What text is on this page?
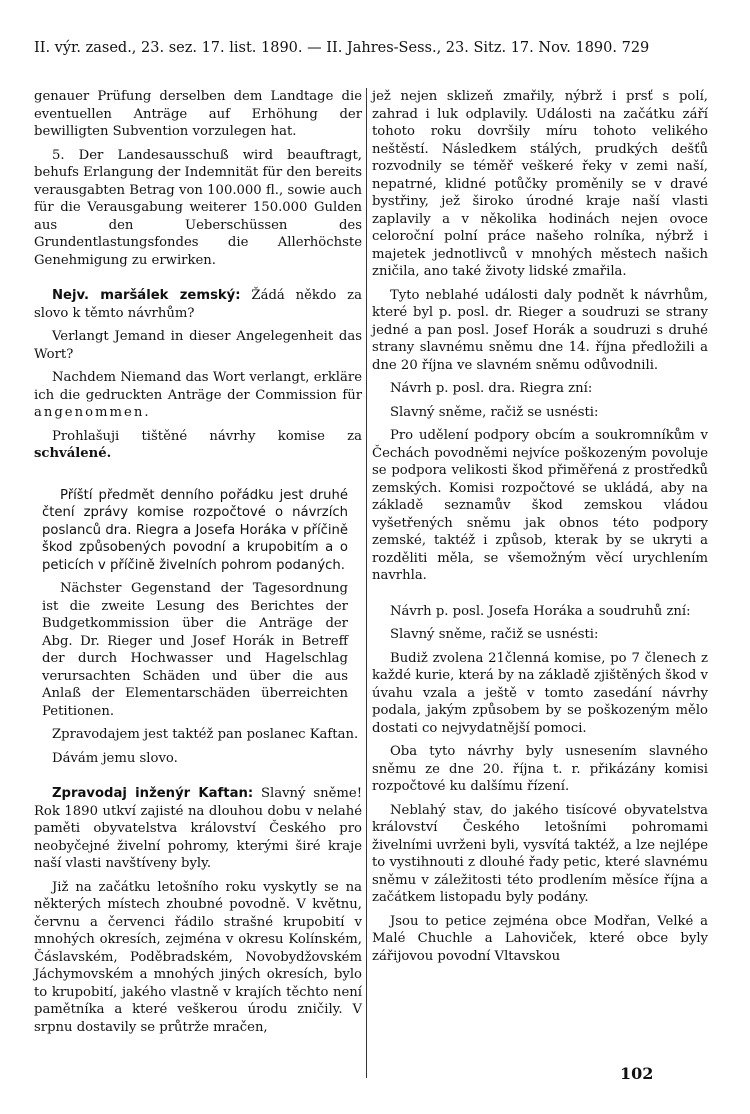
II. výr. zased., 23. sez. 17. list. 1890. — II. Jahres-Sess., 23. Sitz. 17. Nov. 1890. 729

genauer Prüfung derselben dem Landtage die eventuellen Anträge auf Erhöhung der bewilligten Subvention vorzulegen hat.

5. Der Landesausschuß wird beauftragt, behufs Erlangung der Indemnität für den bereits verausgabten Betrag von 100.000 fl., sowie auch für die Verausgabung weiterer 150.000 Gulden aus den Ueberschüssen des Grundentlastungsfondes die Allerhöchste Genehmigung zu erwirken.

Nejv. maršálek zemský: Žádá někdo za slovo k těmto návrhům?

Verlangt Jemand in dieser Angelegenheit das Wort?

Nachdem Niemand das Wort verlangt, erkläre ich die gedruckten Anträge der Commission für angenommen.

Prohlašuji tištěné návrhy komise za schválené.

Příští předmět denního pořádku jest druhé čtení zprávy komise rozpočtové o návrzích poslanců dra. Riegra a Josefa Horáka v příčině škod způsobených povodní a krupobitím a o peticích v příčině živelních pohrom podaných.

Nächster Gegenstand der Tagesordnung ist die zweite Lesung des Berichtes der Budgetkommission über die Anträge der Abg. Dr. Rieger und Josef Horák in Betreff der durch Hochwasser und Hagelschlag verursachten Schäden und über die aus Anlaß der Elementarschäden überreichten Petitionen.

Zpravodajem jest taktéž pan poslanec Kaftan.

Dávám jemu slovo.

Zpravodaj inženýr Kaftan: Slavný sněme! Rok 1890 utkví zajisté na dlouhou dobu v nelahé paměti obyvatelstva království Českého pro neobyčejné živelní pohromy, kterými širé kraje naší vlasti navštíveny byly.

Již na začátku letošního roku vyskytly se na některých místech zhoubné povodně. V květnu, červnu a červenci řádilo strašné krupobití v mnohých okresích, zejména v okresu Kolínském, Čáslavském, Poděbradském, Novobydžovském Jáchymovském a mnohých jiných okresích, bylo to krupobití, jakého vlastně v krajích těchto není pamětníka a které veškerou úrodu zničily. V srpnu dostavily se průtrže mračen,

jež nejen sklizeň zmařily, nýbrž i prsť s polí, zahrad i luk odplavily. Události na začátku září tohoto roku dovršily míru tohoto velikého neštěstí. Následkem stálých, prudkých dešťů rozvodnily se téměř veškeré řeky v zemi naší, nepatrné, klidné potůčky proměnily se v dravé bystřiny, jež široko úrodné kraje naší vlasti zaplavily a v několika hodinách nejen ovoce celoroční polní práce našeho rolníka, nýbrž i majetek jednotlivců v mnohých městech našich zničila, ano také životy lidské zmařila.

Tyto neblahé události daly podnět k návrhům, které byl p. posl. dr. Rieger a soudruzi se strany jedné a pan posl. Josef Horák a soudruzi s druhé strany slavnému sněmu dne 14. října předložili a dne 20 října ve slavném sněmu odůvodnili.

Návrh p. posl. dra. Riegra zní:

Slavný sněme, račiž se usnésti:

Pro udělení podpory obcím a soukromníkům v Čechách povodněmi nejvíce poškozeným povoluje se podpora velikosti škod přiměřená z prostředků zemských. Komisi rozpočtové se ukládá, aby na základě seznamův škod zemskou vládou vyšetřených sněmu jak obnos této podpory zemské, taktéž i způsob, kterak by se ukryti a rozděliti měla, se všemožným věcí urychlením navrhla.

Návrh p. posl. Josefa Horáka a soudruhů zní:

Slavný sněme, račiž se usnésti:

Budiž zvolena 21členná komise, po 7 členech z každé kurie, která by na základě zjištěných škod v úvahu vzala a ještě v tomto zasedání návrhy podala, jakým způsobem by se poškozeným mělo dostati co nejvydatnější pomoci.

Oba tyto návrhy byly usnesením slavného sněmu ze dne 20. října t. r. přikázány komisi rozpočtové ku dalšímu řízení.

Neblahý stav, do jakého tisícové obyvatelstva království Českého letošními pohromami živelními uvrženi byli, vysvítá taktéž, a lze nejlépe to vystihnouti z dlouhé řady petic, které slavnému sněmu v záležitosti této prodlením měsíce října a začátkem listopadu byly podány.

Jsou to petice zejména obce Modřan, Velké a Malé Chuchle a Lahoviček, které obce byly zářijovou povodní Vltavskou

102
